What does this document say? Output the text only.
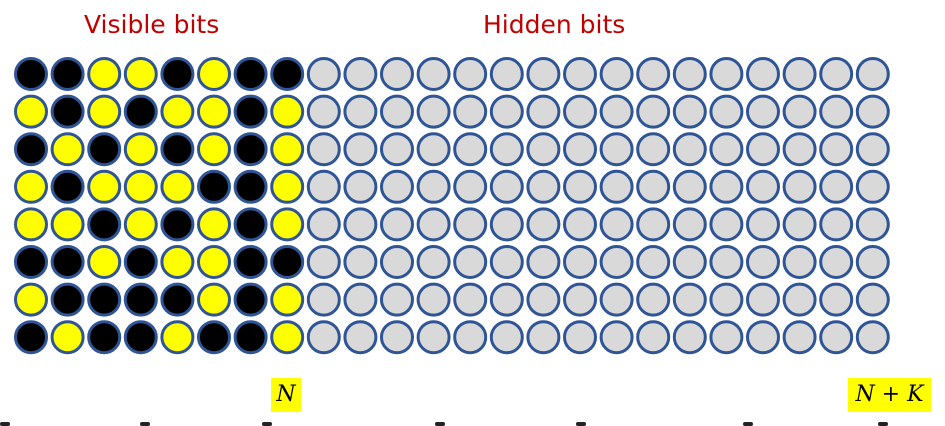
Visible bits	Hidden bits
N	N + K
